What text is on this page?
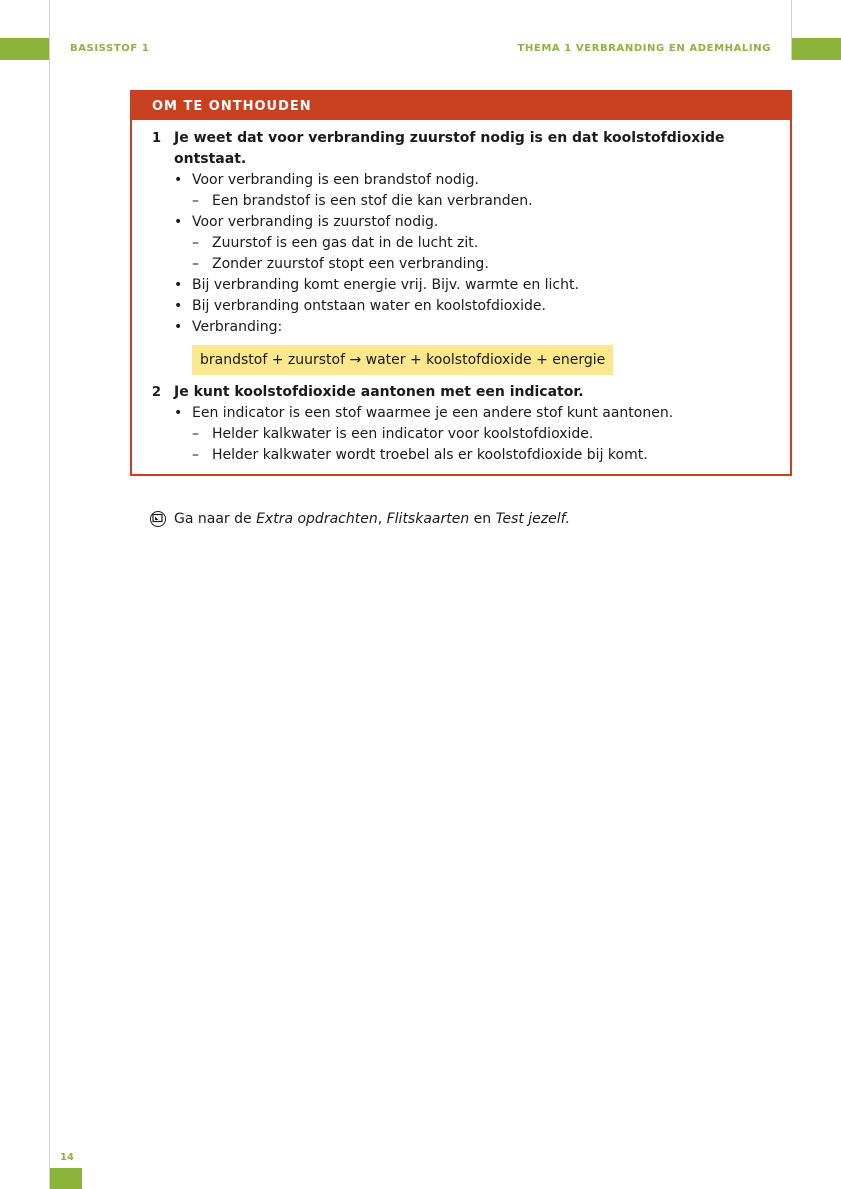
BASISSTOF 1	THEMA 1 VERBRANDING EN ADEMHALING
OM TE ONTHOUDEN
1 Je weet dat voor verbranding zuurstof nodig is en dat koolstofdioxide ontstaat.
• Voor verbranding is een brandstof nodig.
– Een brandstof is een stof die kan verbranden.
• Voor verbranding is zuurstof nodig.
– Zuurstof is een gas dat in de lucht zit.
– Zonder zuurstof stopt een verbranding.
• Bij verbranding komt energie vrij. Bijv. warmte en licht.
• Bij verbranding ontstaan water en koolstofdioxide.
• Verbranding:
brandstof + zuurstof → water + koolstofdioxide + energie
2 Je kunt koolstofdioxide aantonen met een indicator.
• Een indicator is een stof waarmee je een andere stof kunt aantonen.
– Helder kalkwater is een indicator voor koolstofdioxide.
– Helder kalkwater wordt troebel als er koolstofdioxide bij komt.
Ga naar de Extra opdrachten , Flitskaarten en Test jezelf .
14
